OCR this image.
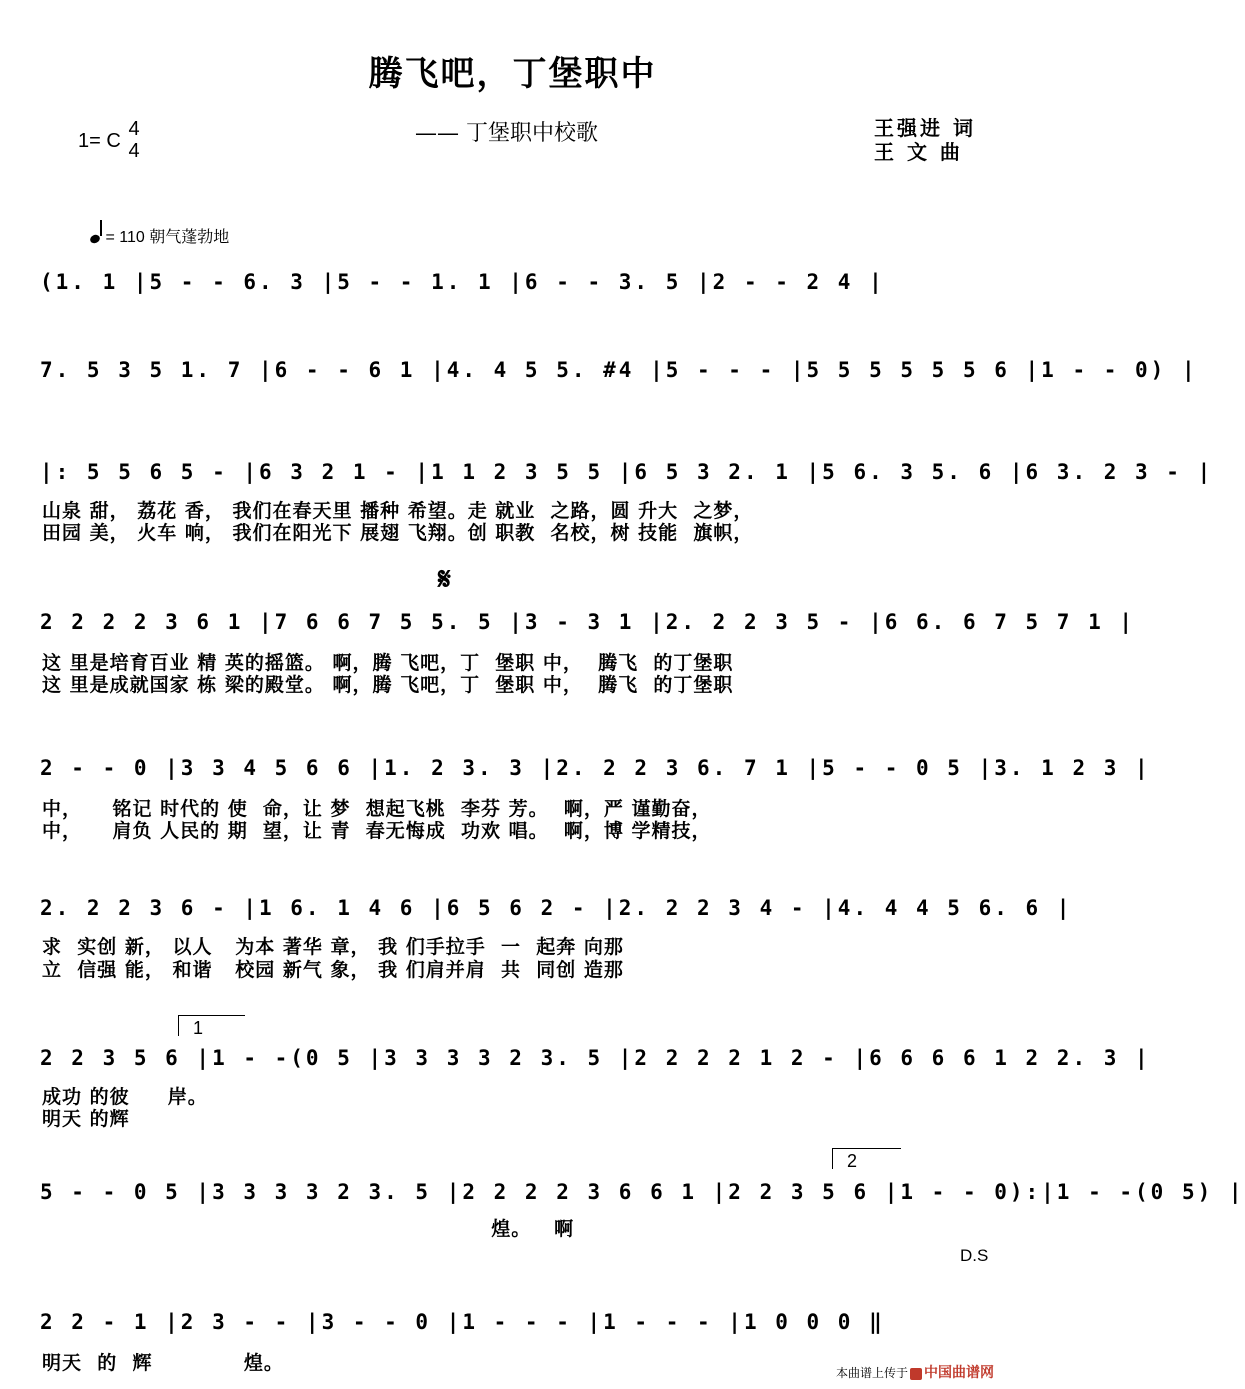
腾飞吧，丁堡职中
—— 丁堡职中校歌
1= C
4
4
王强进 词
王 文 曲
= 110 朝气蓬勃地
(1. 1 |5 - - 6. 3 |5 - - 1. 1 |6 - - 3. 5 |2 - - 2 4 |
7. 5 3 5 1. 7 |6 - - 6 1 |4. 4 5 5. #4 |5 - - - |5 5 5 5 5 5 6 |1 - - 0) |
|: 5 5 6 5 - |6 3 2 1 - |1 1 2 3 5 5 |6 5 3 2. 1 |5 6. 3 5. 6 |6 3. 2 3 - |
山泉 甜， 荔花 香， 我们在春天里 播种 希望。走 就业  之路，圆 升大  之梦，
田园 美， 火车 响， 我们在阳光下 展翅 飞翔。创 职教  名校，树 技能  旗帜，
𝄋
2 2 2 2 3 6 1 |7 6 6 7 5 5. 5 |3 - 3 1 |2. 2 2 3 5 - |6 6. 6 7 5 7 1 |
这 里是培育百业 精 英的摇篮。 啊，腾 飞吧，丁  堡职 中，  腾飞  的丁堡职
这 里是成就国家 栋 梁的殿堂。 啊，腾 飞吧，丁  堡职 中，  腾飞  的丁堡职
2 - - 0 |3 3 4 5 6 6 |1. 2 3. 3 |2. 2 2 3 6. 7 1 |5 - - 0 5 |3. 1 2 3 |
中，    铭记 时代的 使  命，让 梦  想起飞桃  李芬 芳。  啊，严 谨勤奋，
中，    肩负 人民的 期  望，让 青  春无悔成  功欢 唱。  啊，博 学精技，
2. 2 2 3 6 - |1 6. 1 4 6 |6 5 6 2 - |2. 2 2 3 4 - |4. 4 4 5 6. 6 |
求  实创 新， 以人   为本 著华 章， 我 们手拉手  一  起奔 向那
立  信强 能， 和谐   校园 新气 象， 我 们肩并肩  共  同创 造那
1
2 2 3 5 6 |1 - -(0 5 |3 3 3 3 2 3. 5 |2 2 2 2 1 2 - |6 6 6 6 1 2 2. 3 |
成功 的彼     岸。
明天 的辉
2
5 - - 0 5 |3 3 3 3 2 3. 5 |2 2 2 2 3 6 6 1 |2 2 3 5 6 |1 - - 0):|1 - -(0 5) |
煌。   啊
D.S
2 2 - 1 |2 3 - - |3 - - 0 |1 - - - |1 - - - |1 0 0 0 ‖
明天  的  辉            煌。	本曲谱上传于 中国曲谱网
